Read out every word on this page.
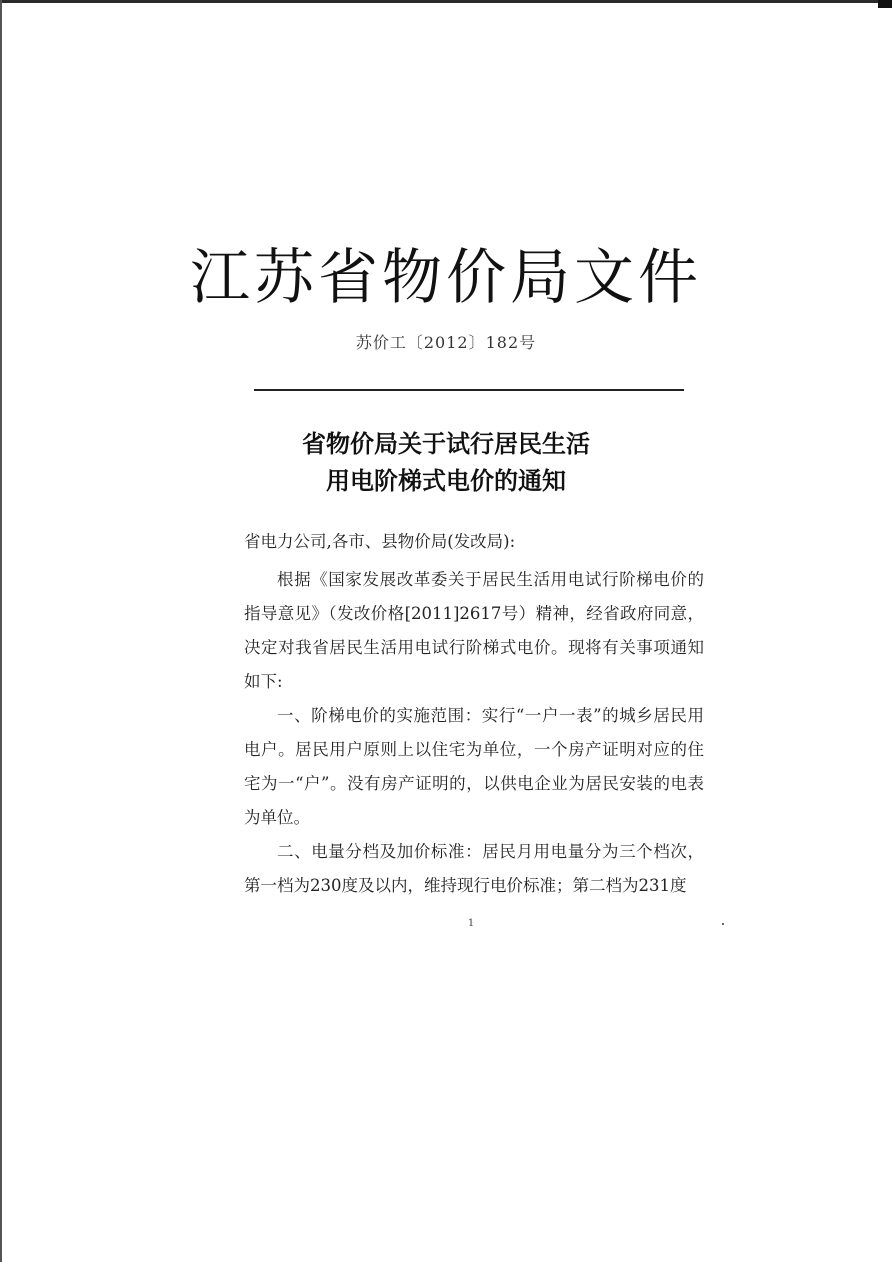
江苏省物价局文件
苏价工〔2012〕182号
省物价局关于试行居民生活
用电阶梯式电价的通知
省电力公司,各市、县物价局(发改局):

根据《国家发展改革委关于居民生活用电试行阶梯电价的指导意见》（发改价格[2011]2617号）精神，经省政府同意，决定对我省居民生活用电试行阶梯式电价。现将有关事项通知如下:

一、阶梯电价的实施范围：实行“一户一表”的城乡居民用电户。居民用户原则上以住宅为单位，一个房产证明对应的住宅为一“户”。没有房产证明的，以供电企业为居民安装的电表为单位。

二、电量分档及加价标准：居民月用电量分为三个档次，第一档为230度及以内，维持现行电价标准；第二档为231度

1
